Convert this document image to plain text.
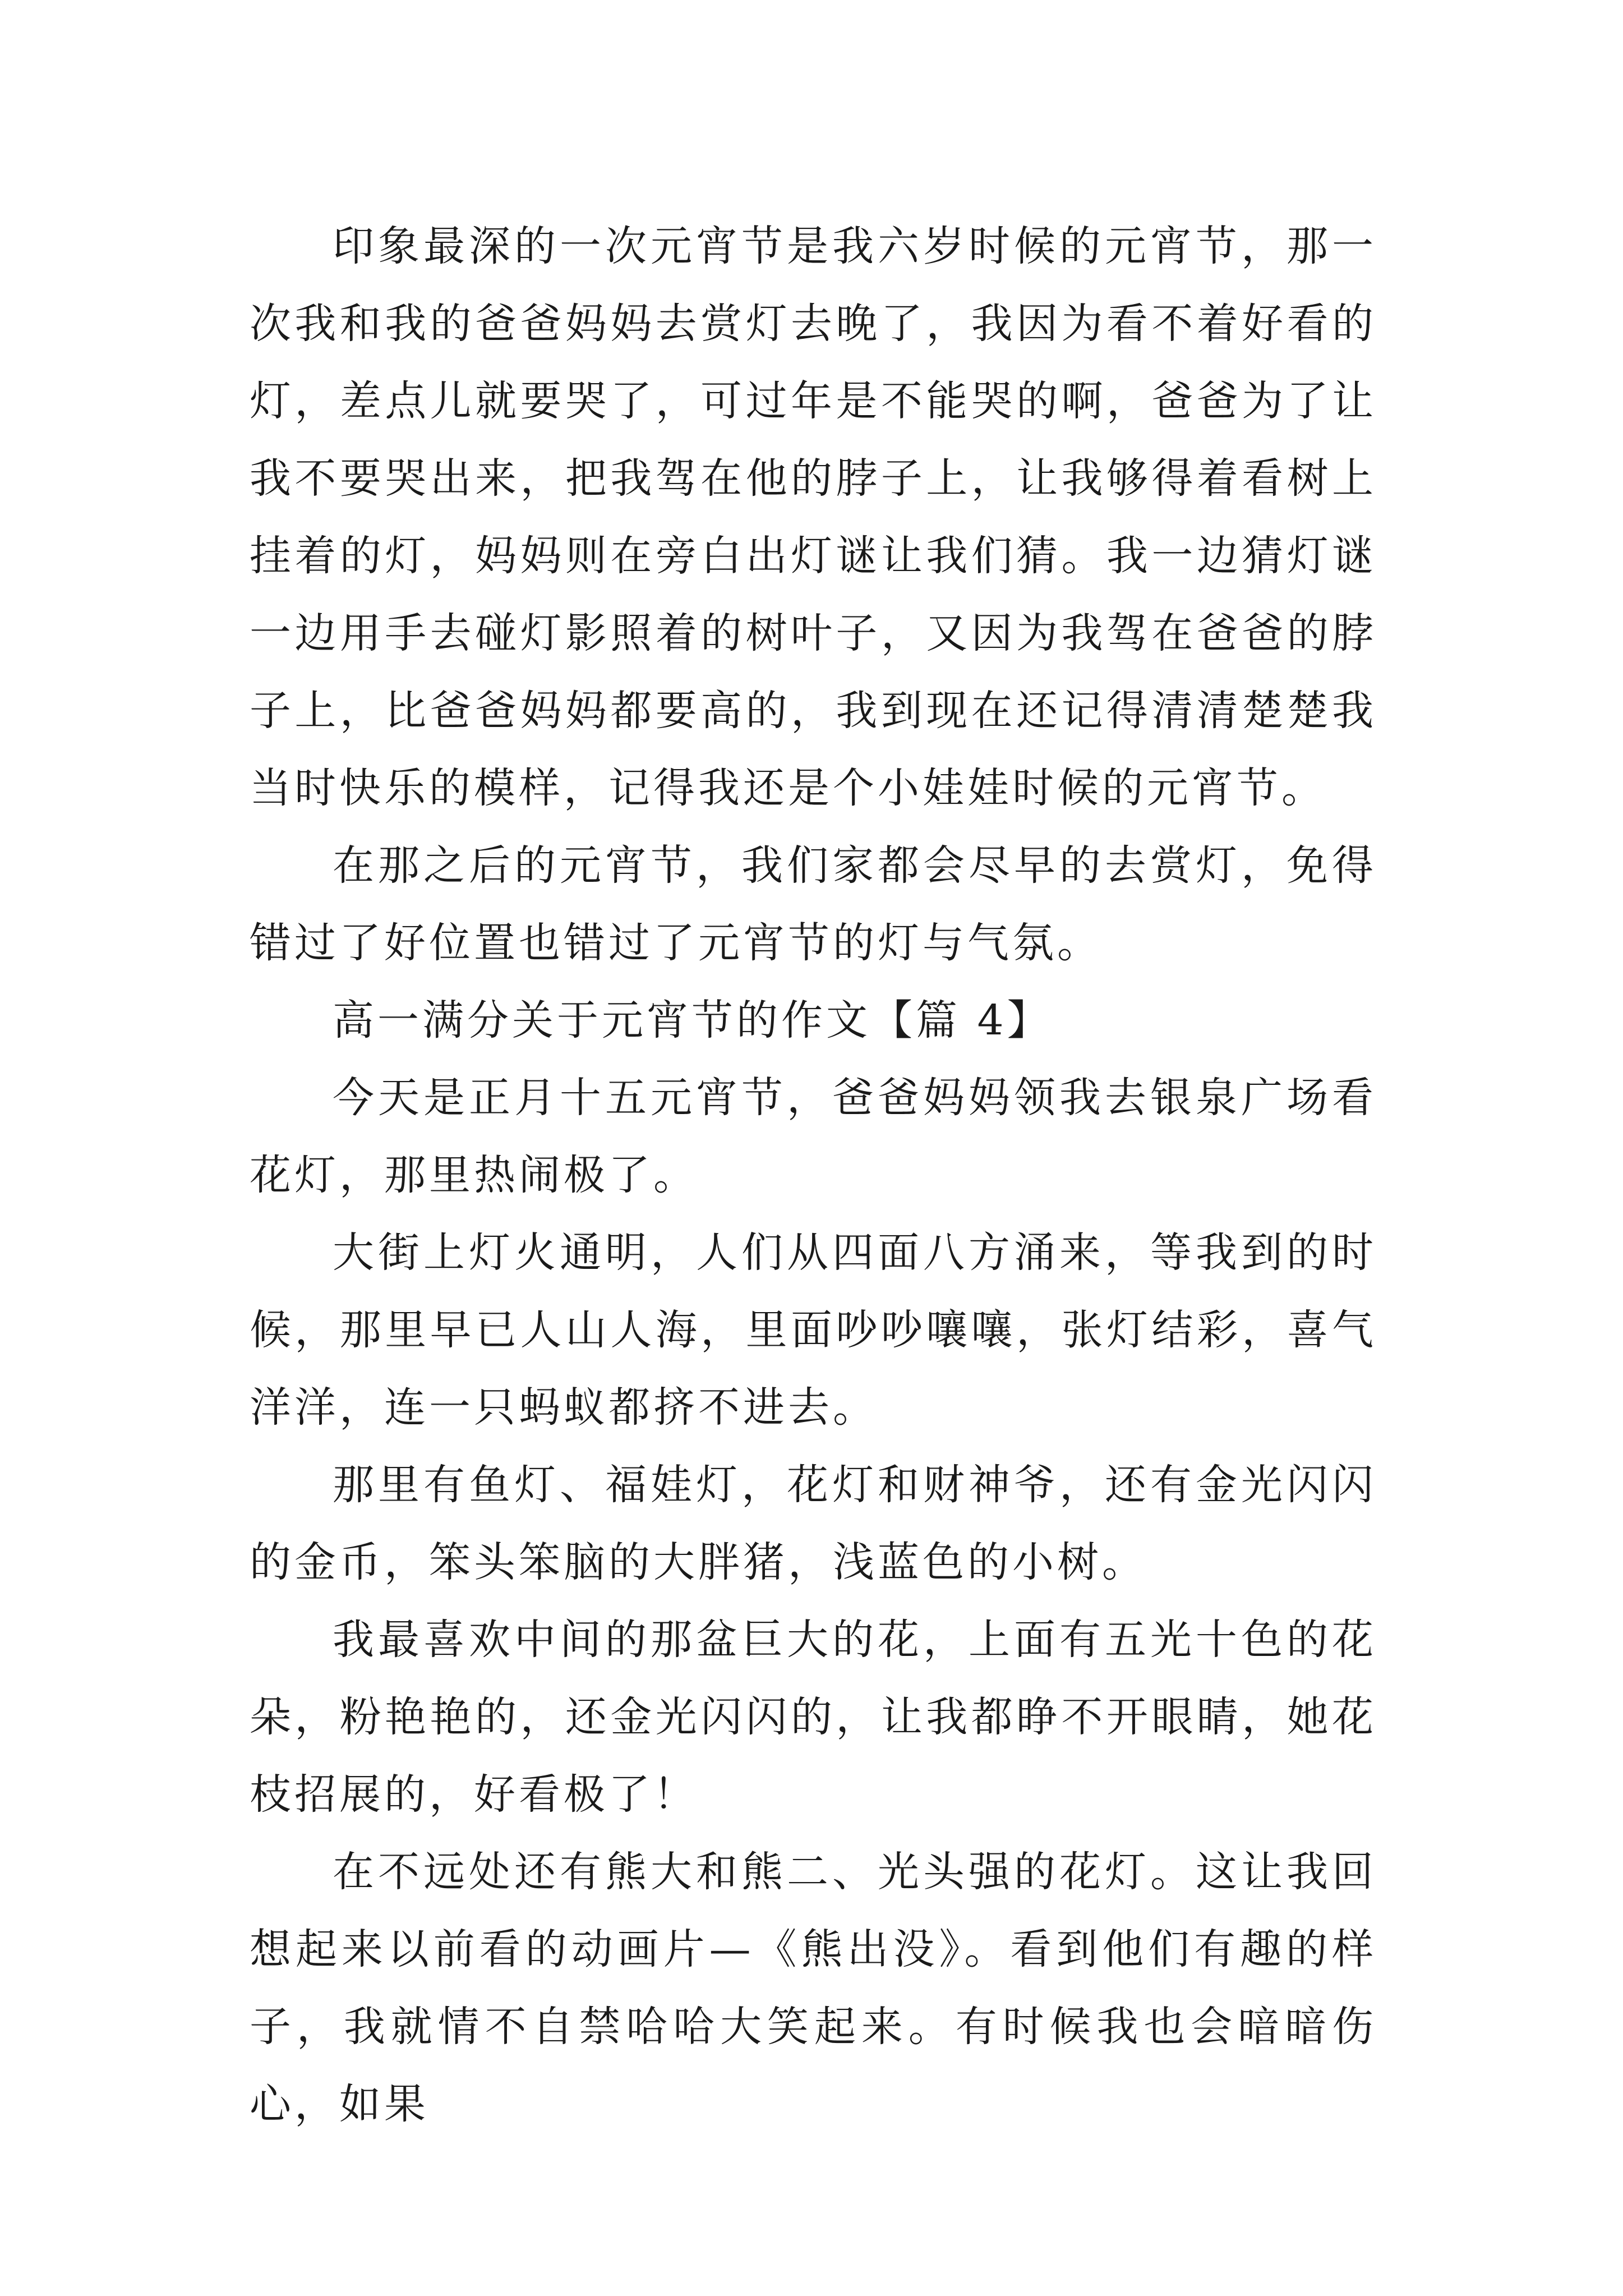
印象最深的一次元宵节是我六岁时候的元宵节，那一次我和我的爸爸妈妈去赏灯去晚了，我因为看不着好看的灯，差点儿就要哭了，可过年是不能哭的啊，爸爸为了让我不要哭出来，把我驾在他的脖子上，让我够得着看树上挂着的灯，妈妈则在旁白出灯谜让我们猜。我一边猜灯谜一边用手去碰灯影照着的树叶子，又因为我驾在爸爸的脖子上，比爸爸妈妈都要高的，我到现在还记得清清楚楚我当时快乐的模样，记得我还是个小娃娃时候的元宵节。

在那之后的元宵节，我们家都会尽早的去赏灯，免得错过了好位置也错过了元宵节的灯与气氛。

高一满分关于元宵节的作文【篇 4】

今天是正月十五元宵节，爸爸妈妈领我去银泉广场看花灯，那里热闹极了。

大街上灯火通明，人们从四面八方涌来，等我到的时候，那里早已人山人海，里面吵吵嚷嚷，张灯结彩，喜气洋洋，连一只蚂蚁都挤不进去。

那里有鱼灯、福娃灯，花灯和财神爷，还有金光闪闪的金币，笨头笨脑的大胖猪，浅蓝色的小树。

我最喜欢中间的那盆巨大的花，上面有五光十色的花朵，粉艳艳的，还金光闪闪的，让我都睁不开眼睛，她花枝招展的，好看极了！

在不远处还有熊大和熊二、光头强的花灯。这让我回想起来以前看的动画片—《熊出没》。看到他们有趣的样子，我就情不自禁哈哈大笑起来。有时候我也会暗暗伤心，如果
